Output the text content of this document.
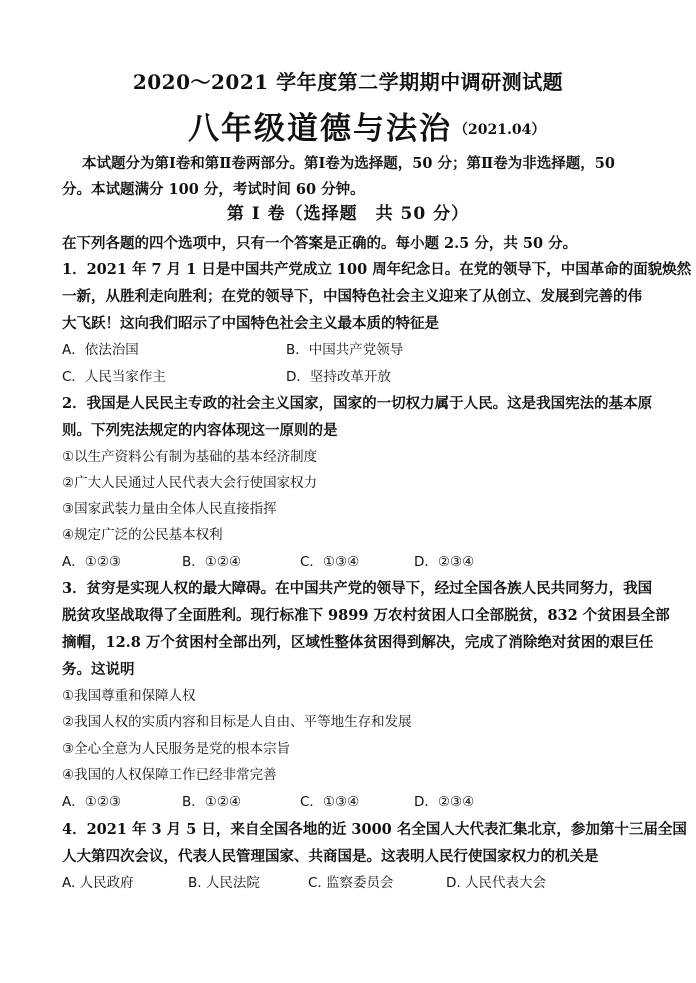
2020～2021 学年度第二学期期中调研测试题
八年级道德与法治 （2021.04）
本试题分为第Ⅰ卷和第Ⅱ卷两部分。第Ⅰ卷为选择题，50 分；第Ⅱ卷为非选择题，50
分。本试题满分 100 分，考试时间 60 分钟。
第 Ⅰ 卷（选择题　共 50 分）
在下列各题的四个选项中，只有一个答案是正确的。每小题 2.5 分，共 50 分。
1．2021 年 7 月 1 日是中国共产党成立 100 周年纪念日。在党的领导下，中国革命的面貌焕然
一新，从胜利走向胜利；在党的领导下，中国特色社会主义迎来了从创立、发展到完善的伟
大飞跃！这向我们昭示了中国特色社会主义最本质的特征是
A．依法治国	B．中国共产党领导
C．人民当家作主	D．坚持改革开放
2．我国是人民民主专政的社会主义国家，国家的一切权力属于人民。这是我国宪法的基本原
则。下列宪法规定的内容体现这一原则的是
①以生产资料公有制为基础的基本经济制度
②广大人民通过人民代表大会行使国家权力
③国家武装力量由全体人民直接指挥
④规定广泛的公民基本权利
A．①②③	B．①②④	C．①③④	D．②③④
3．贫穷是实现人权的最大障碍。在中国共产党的领导下，经过全国各族人民共同努力，我国
脱贫攻坚战取得了全面胜利。现行标准下 9899 万农村贫困人口全部脱贫，832 个贫困县全部
摘帽，12.8 万个贫困村全部出列，区域性整体贫困得到解决，完成了消除绝对贫困的艰巨任
务。这说明
①我国尊重和保障人权
②我国人权的实质内容和目标是人自由、平等地生存和发展
③全心全意为人民服务是党的根本宗旨
④我国的人权保障工作已经非常完善
A．①②③	B．①②④	C．①③④	D．②③④
4．2021 年 3 月 5 日，来自全国各地的近 3000 名全国人大代表汇集北京，参加第十三届全国
人大第四次会议，代表人民管理国家、共商国是。这表明人民行使国家权力的机关是
A. 人民政府	B. 人民法院	C. 监察委员会	D. 人民代表大会
